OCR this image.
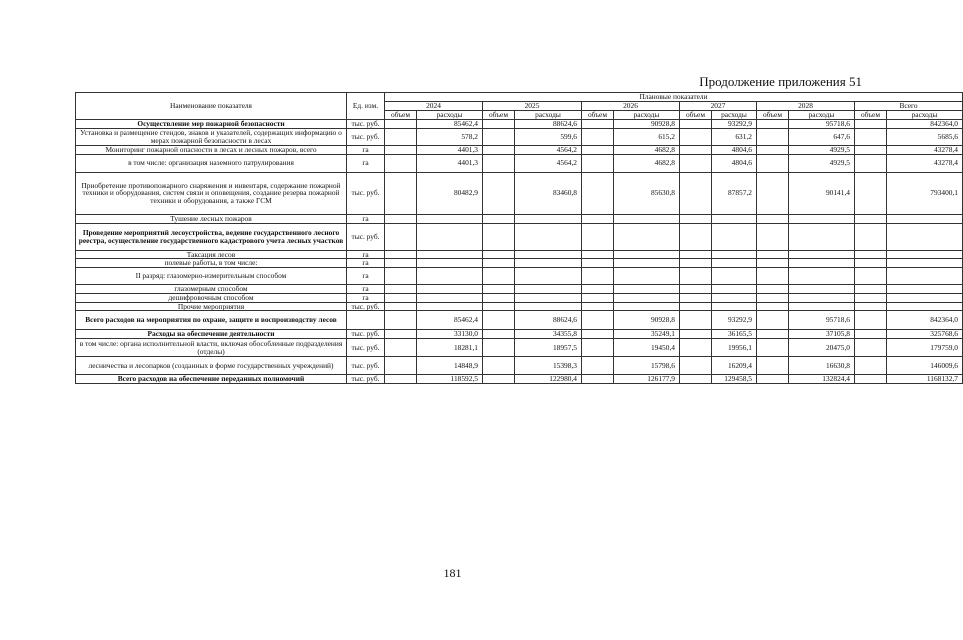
Продолжение приложения 51
Наименование показателя	Ед. изм.	Плановые показатели											
		2024		2025		2026		2027		2028		Всего	
		объем	расходы	объем	расходы	объем	расходы	объем	расходы	объем	расходы	объем	расходы
Осуществление мер пожарной безопасности	тыс. руб.		85462,4		88624,6		90928,8		93292,9		95718,6		842364,0
Установка и размещение стендов, знаков и указателей, содержащих информацию о мерах пожарной безопасности в лесах	тыс. руб.		578,2		599,6		615,2		631,2		647,6		5685,6
Мониторинг пожарной опасности в лесах и лесных пожаров, всего	га		4401,3		4564,2		4682,8		4804,6		4929,5		43278,4
в том числе: организация наземного патрулирования	га		4401,3		4564,2		4682,8		4804,6		4929,5		43278,4
Приобретение противопожарного снаряжения и инвентаря, содержание пожарной техники и оборудования, систем связи и оповещения, создание резерва пожарной техники и оборудования, а также ГСМ	тыс. руб.		80482,9		83460,8		85630,8		87857,2		90141,4		793400,1
Тушение лесных пожаров	га												
Проведение мероприятий лесоустройства, ведение государственного лесного реестра, осуществление государственного кадастрового учета лесных участков	тыс. руб.												
Таксация лесов	га												
полевые работы, в том числе:	га												
II разряд: глазомерно-измерительным способом	га												
глазомерным способом	га												
дешифровочным способом	га												
Прочие мероприятия	тыс. руб.												
Всего расходов на мероприятия по охране, защите и воспроизводству лесов			85462,4		88624,6		90928,8		93292,9		95718,6		842364,0
Расходы на обеспечение деятельности	тыс. руб.		33130,0		34355,8		35249,1		36165,5		37105,8		325768,6
в том числе: органа исполнительной власти, включая обособленные подразделения (отделы)	тыс. руб.		18281,1		18957,5		19450,4		19956,1		20475,0		179759,0
лесничества и лесопарков (созданных в форме государственных учреждений)	тыс. руб.		14848,9		15398,3		15798,6		16209,4		16630,8		146009,6
Всего расходов на обеспечение переданных полномочий	тыс. руб.		118592,5		122980,4		126177,9		129458,5		132824,4		1168132,7
181
